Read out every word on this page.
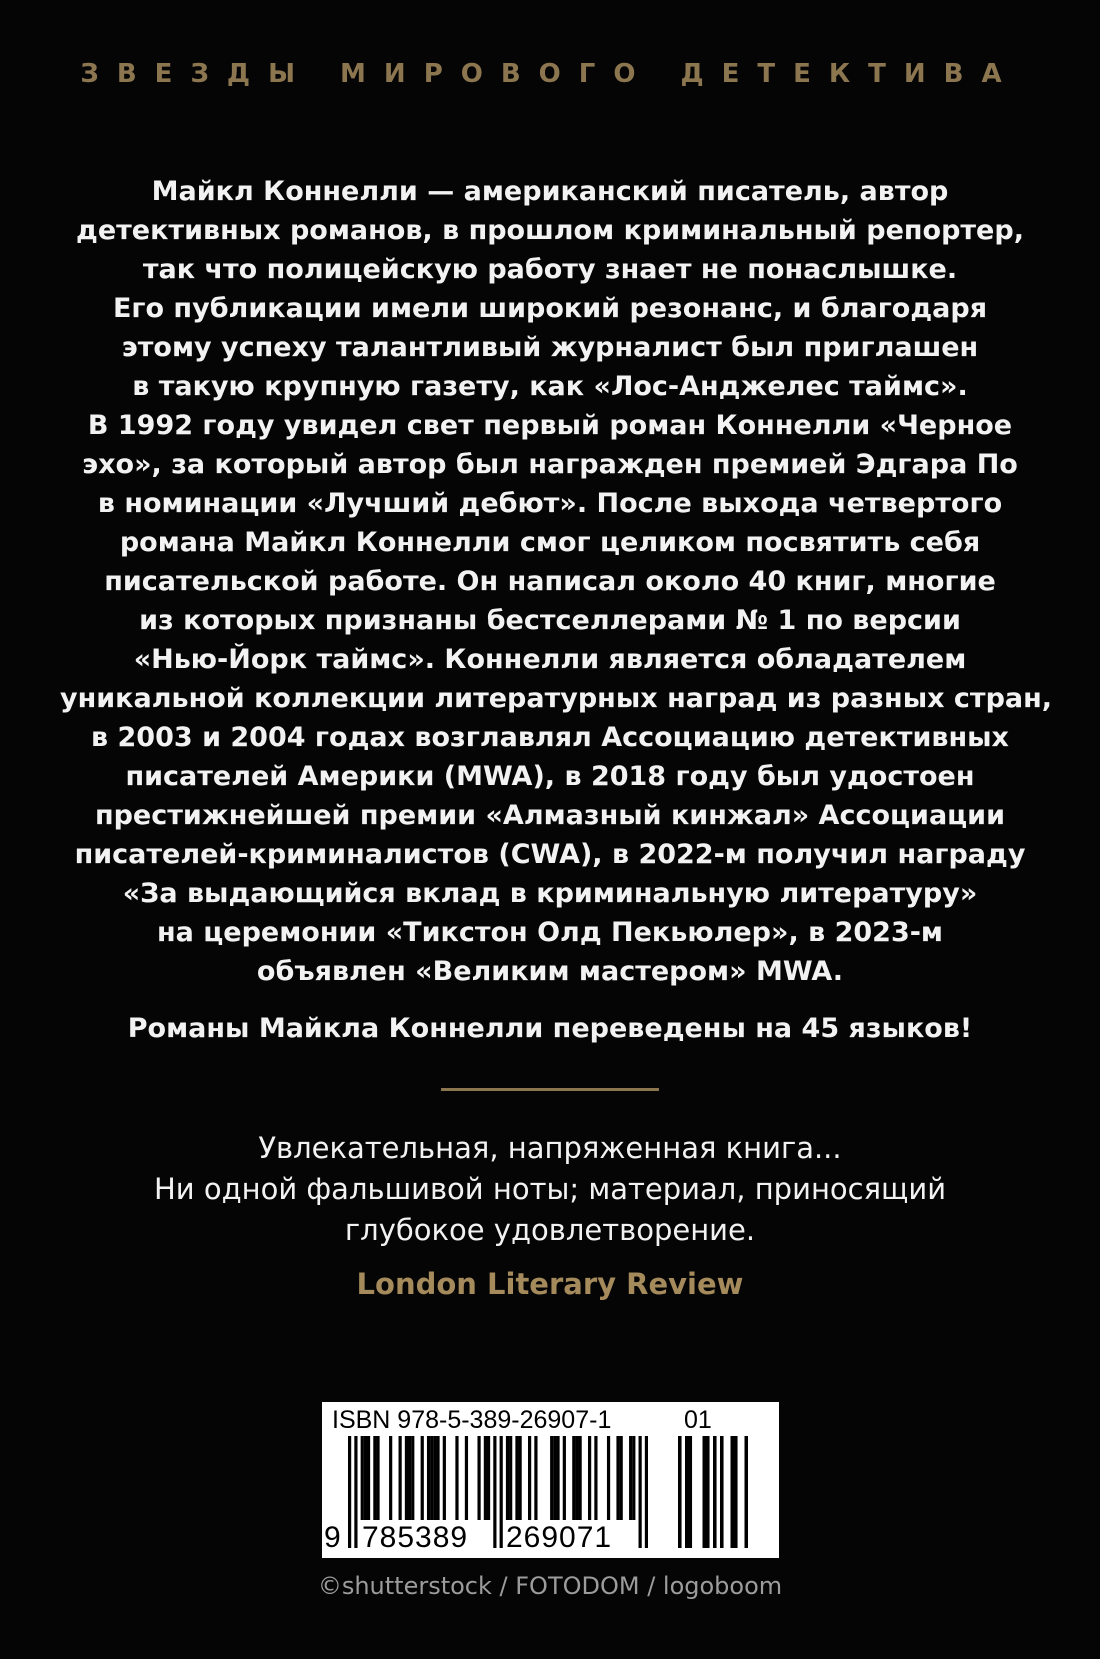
ЗВЕЗДЫ МИРОВОГО ДЕТЕКТИВА
Майкл Коннелли — американский писатель, автор
детективных романов, в прошлом криминальный репортер,
так что полицейскую работу знает не понаслышке.
Его публикации имели широкий резонанс, и благодаря
этому успеху талантливый журналист был приглашен
в такую крупную газету, как «Лос-Анджелес таймс».
В 1992 году увидел свет первый роман Коннелли «Черное
эхо», за который автор был награжден премией Эдгара По
в номинации «Лучший дебют». После выхода четвертого
романа Майкл Коннелли смог целиком посвятить себя
писательской работе. Он написал около 40 книг, многие
из которых признаны бестселлерами № 1 по версии
«Нью-Йорк таймс». Коннелли является обладателем
уникальной коллекции литературных наград из разных стран,
в 2003 и 2004 годах возглавлял Ассоциацию детективных
писателей Америки (MWA), в 2018 году был удостоен
престижнейшей премии «Алмазный кинжал» Ассоциации
писателей-криминалистов (CWA), в 2022-м получил награду
«За выдающийся вклад в криминальную литературу»
на церемонии «Тикстон Олд Пекьюлер», в 2023-м
объявлен «Великим мастером» MWA.
Романы Майкла Коннелли переведены на 45 языков!
Увлекательная, напряженная книга...
Ни одной фальшивой ноты; материал, приносящий
глубокое удовлетворение.
London Literary Review
ISBN 978-5-389-26907-1	01
9 785389 269071
©shutterstock / FOTODOM / logoboom
